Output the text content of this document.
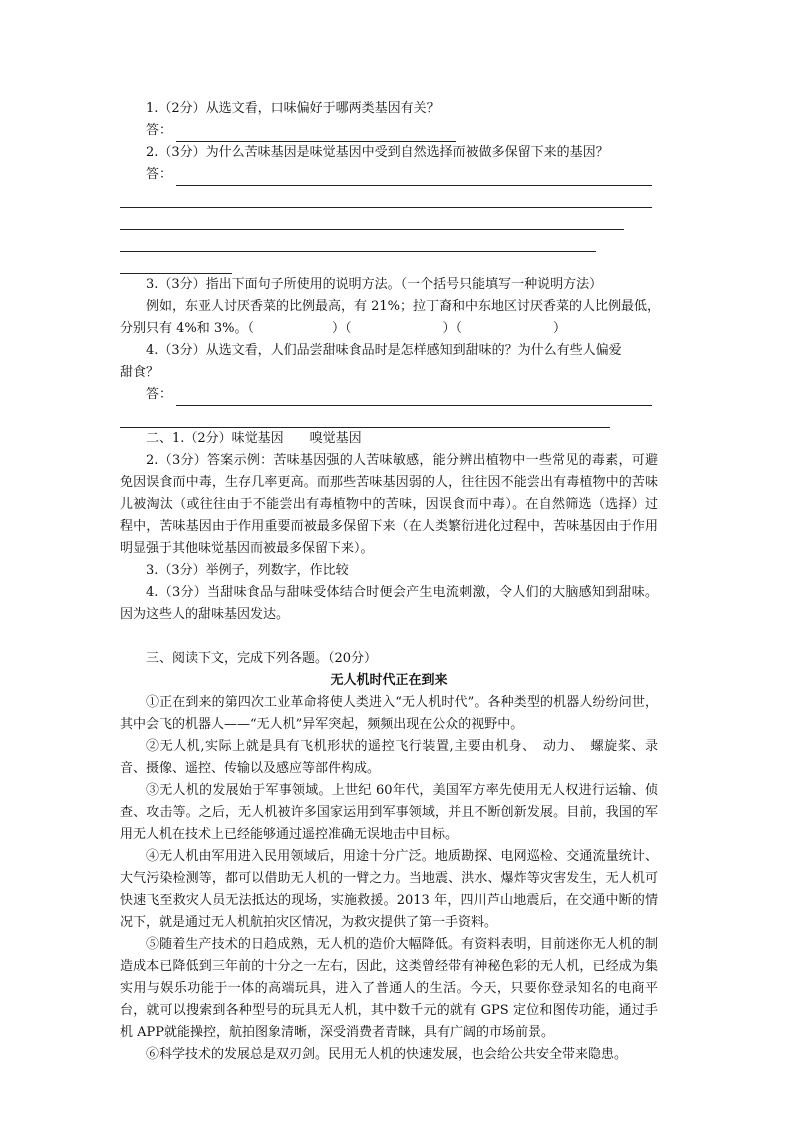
1.（2分）从选文看，口味偏好于哪两类基因有关？
答：
2.（3分）为什么苦味基因是味觉基因中受到自然选择而被做多保留下来的基因？
答：
3.（3分）指出下面句子所使用的说明方法。（一个括号只能填写一种说明方法）
例如，东亚人讨厌香菜的比例最高，有 21%；拉丁裔和中东地区讨厌香菜的人比例最低，
分别只有 4%和 3%。（　　　　　　）（　　　　　　　）（　　　　　　　）
4.（3分）从选文看，人们品尝甜味食品时是怎样感知到甜味的？为什么有些人偏爱
甜食？
答：
二、1.（2分）味觉基因　　嗅觉基因

2.（3分）答案示例：苦味基因强的人苦味敏感，能分辨出植物中一些常见的毒素，可避免因误食而中毒，生存几率更高。而那些苦味基因弱的人，往往因不能尝出有毒植物中的苦味儿被淘汰（或往往由于不能尝出有毒植物中的苦味，因误食而中毒）。在自然筛选（选择）过程中，苦味基因由于作用重要而被最多保留下来（在人类繁衍进化过程中，苦味基因由于作用明显强于其他味觉基因而被最多保留下来）。

3.（3分）举例子，列数字，作比较

4.（3分）当甜味食品与甜味受体结合时便会产生电流刺激，令人们的大脑感知到甜味。因为这些人的甜味基因发达。

三、阅读下文，完成下列各题。（20分）
无人机时代正在到来

①正在到来的第四次工业革命将使人类进入“无人机时代”。各种类型的机器人纷纷问世，其中会飞的机器人——“无人机”异军突起，频频出现在公众的视野中。

②无人机,实际上就是具有飞机形状的遥控飞行装置,主要由机身、　动力、　螺旋桨、录音、摄像、遥控、传输以及感应等部件构成。

③无人机的发展始于军事领域。上世纪 60年代，美国军方率先使用无人权进行运输、侦查、攻击等。之后，无人机被许多国家运用到军事领域，并且不断创新发展。目前，我国的军用无人机在技术上已经能够通过遥控准确无误地击中目标。

④无人机由军用进入民用领域后，用途十分广泛。地质勘探、电网巡检、交通流量统计、大气污染检测等，都可以借助无人机的一臂之力。当地震、洪水、爆炸等灾害发生，无人机可快速飞至救灾人员无法抵达的现场，实施救援。2013 年，四川芦山地震后，在交通中断的情况下，就是通过无人机航拍灾区情况，为救灾提供了第一手资料。

⑤随着生产技术的日趋成熟，无人机的造价大幅降低。有资料表明，目前迷你无人机的制造成本已降低到三年前的十分之一左右，因此，这类曾经带有神秘色彩的无人机，已经成为集实用与娱乐功能于一体的高端玩具，进入了普通人的生活。今天，只要你登录知名的电商平台，就可以搜索到各种型号的玩具无人机，其中数千元的就有 GPS 定位和图传功能，通过手机 APP就能操控，航拍图象清晰，深受消费者青睐，具有广阔的市场前景。

⑥科学技术的发展总是双刃剑。民用无人机的快速发展，也会给公共安全带来隐患。
